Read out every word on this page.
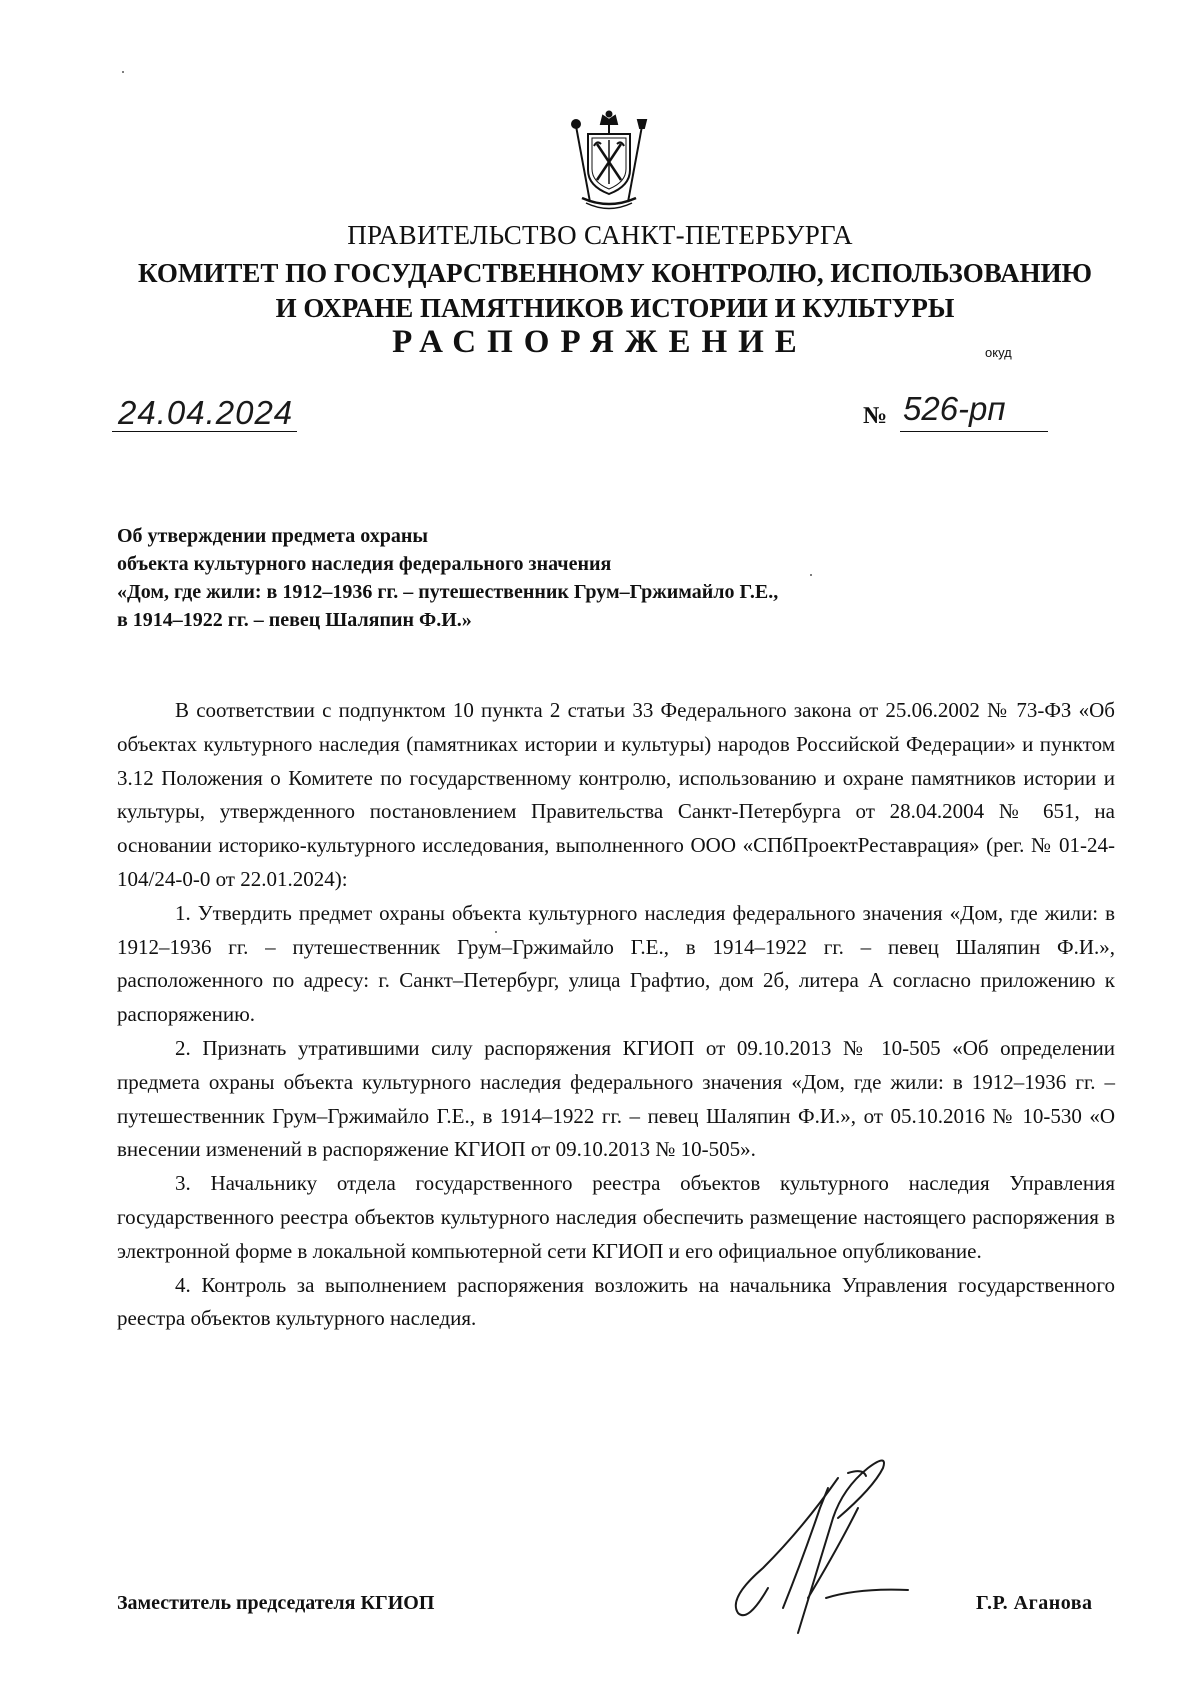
ПРАВИТЕЛЬСТВО САНКТ-ПЕТЕРБУРГА
КОМИТЕТ ПО ГОСУДАРСТВЕННОМУ КОНТРОЛЮ, ИСПОЛЬЗОВАНИЮ
И ОХРАНЕ ПАМЯТНИКОВ ИСТОРИИ И КУЛЬТУРЫ
РАСПОРЯЖЕНИЕ	окуд
24.04.2024	№ 526-рп
Об утверждении предмета охраны
объекта культурного наследия федерального значения
«Дом, где жили: в 1912–1936 гг. – путешественник Грум–Гржимайло Г.Е.,
в 1914–1922 гг. – певец Шаляпин Ф.И.»

В соответствии с подпунктом 10 пункта 2 статьи 33 Федерального закона от 25.06.2002 № 73-ФЗ «Об объектах культурного наследия (памятниках истории и культуры) народов Российской Федерации» и пунктом 3.12 Положения о Комитете по государственному контролю, использованию и охране памятников истории и культуры, утвержденного постановлением Правительства Санкт-Петербурга от 28.04.2004 № 651, на основании историко-культурного исследования, выполненного ООО «СПбПроектРеставрация» (рег. № 01-24-104/24-0-0 от 22.01.2024):

1. Утвердить предмет охраны объекта культурного наследия федерального значения «Дом, где жили: в 1912–1936 гг. – путешественник Грум–Гржимайло Г.Е., в 1914–1922 гг. – певец Шаляпин Ф.И.», расположенного по адресу: г. Санкт–Петербург, улица Графтио, дом 2б, литера А согласно приложению к распоряжению.

2. Признать утратившими силу распоряжения КГИОП от 09.10.2013 № 10-505 «Об определении предмета охраны объекта культурного наследия федерального значения «Дом, где жили: в 1912–1936 гг. – путешественник Грум–Гржимайло Г.Е., в 1914–1922 гг. – певец Шаляпин Ф.И.», от 05.10.2016 № 10-530 «О внесении изменений в распоряжение КГИОП от 09.10.2013 № 10-505».

3. Начальнику отдела государственного реестра объектов культурного наследия Управления государственного реестра объектов культурного наследия обеспечить размещение настоящего распоряжения в электронной форме в локальной компьютерной сети КГИОП и его официальное опубликование.

4. Контроль за выполнением распоряжения возложить на начальника Управления государственного реестра объектов культурного наследия.

Заместитель председателя КГИОП	Г.Р. Аганова
